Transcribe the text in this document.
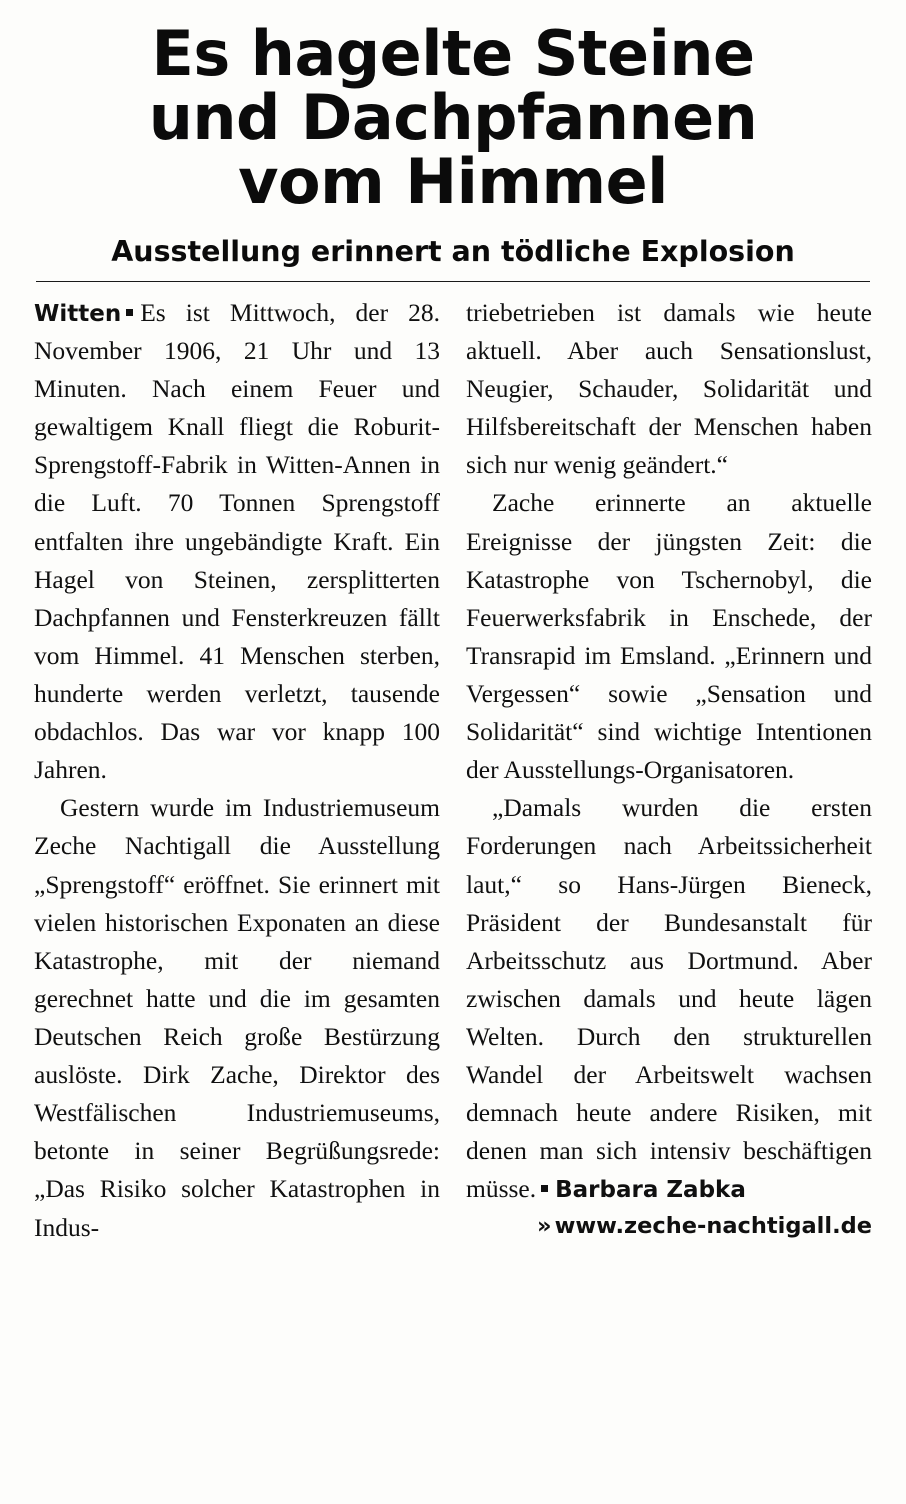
Es hagelte Steine
und Dachpfannen
vom Himmel
Ausstellung erinnert an tödliche Explosion

Witten Es ist Mittwoch, der 28. November 1906, 21 Uhr und 13 Minuten. Nach einem Feuer und gewaltigem Knall fliegt die Roburit-Sprengstoff-Fabrik in Witten-Annen in die Luft. 70 Tonnen Sprengstoff entfalten ihre ungebändigte Kraft. Ein Hagel von Steinen, zersplitterten Dachpfannen und Fensterkreuzen fällt vom Himmel. 41 Menschen sterben, hunderte werden verletzt, tausende obdachlos. Das war vor knapp 100 Jahren.

Gestern wurde im Industriemuseum Zeche Nachtigall die Ausstellung „Sprengstoff“ eröffnet. Sie erinnert mit vielen historischen Exponaten an diese Katastrophe, mit der niemand gerechnet hatte und die im gesamten Deutschen Reich große Bestürzung auslöste. Dirk Zache, Direktor des Westfälischen Industriemuseums, betonte in seiner Begrüßungsrede: „Das Risiko solcher Katastrophen in Indus-

triebetrieben ist damals wie heute aktuell. Aber auch Sensationslust, Neugier, Schauder, Solidarität und Hilfsbereitschaft der Menschen haben sich nur wenig geändert.“

Zache erinnerte an aktuelle Ereignisse der jüngsten Zeit: die Katastrophe von Tschernobyl, die Feuerwerksfabrik in Enschede, der Transrapid im Emsland. „Erinnern und Vergessen“ sowie „Sensation und Solidarität“ sind wichtige Intentionen der Ausstellungs-Organisatoren.

„Damals wurden die ersten Forderungen nach Arbeitssicherheit laut,“ so Hans-Jürgen Bieneck, Präsident der Bundesanstalt für Arbeitsschutz aus Dortmund. Aber zwischen damals und heute lägen Welten. Durch den strukturellen Wandel der Arbeitswelt wachsen demnach heute andere Risiken, mit denen man sich intensiv beschäftigen müsse. Barbara Zabka

» www.zeche-nachtigall.de
